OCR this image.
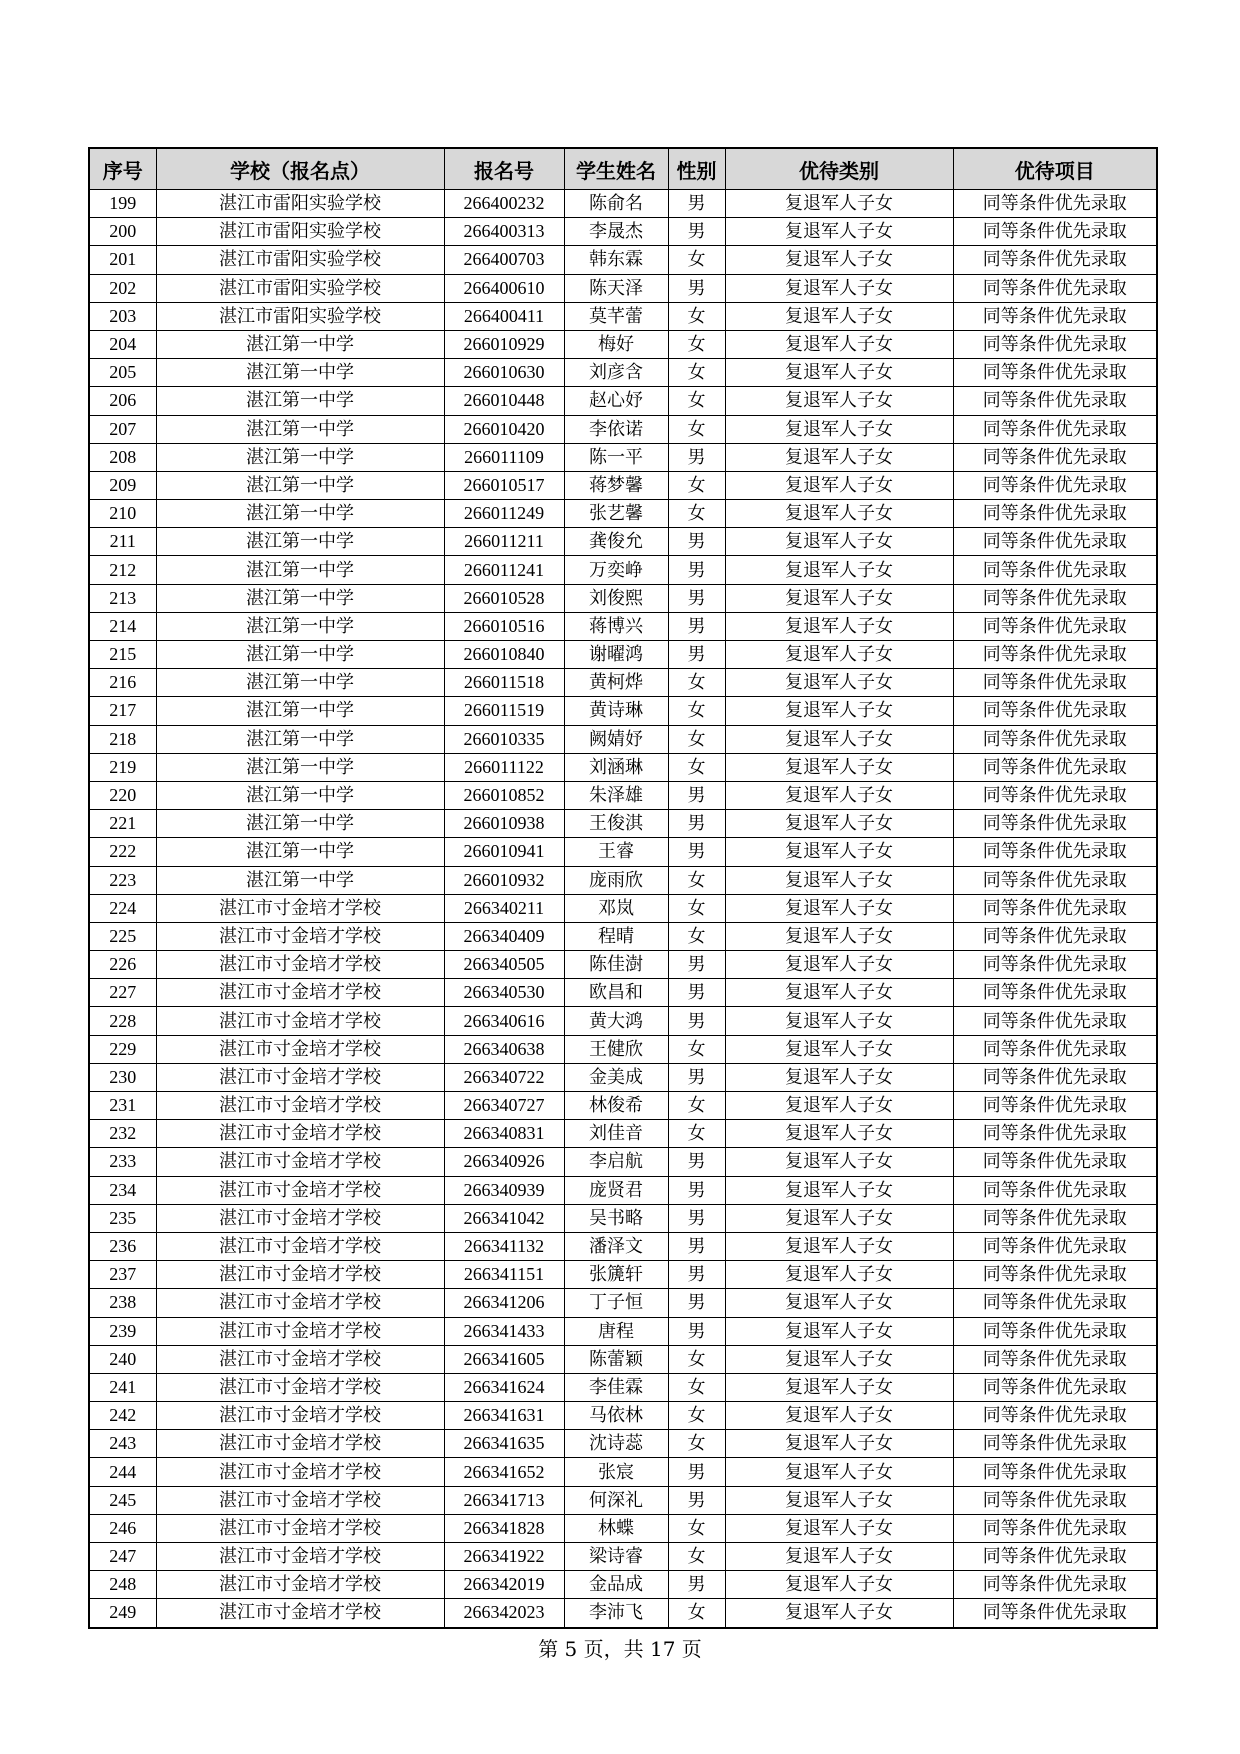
序号	学校（报名点）	报名号	学生姓名	性别	优待类别	优待项目
199	湛江市雷阳实验学校	266400232	陈俞名	男	复退军人子女	同等条件优先录取
200	湛江市雷阳实验学校	266400313	李晟杰	男	复退军人子女	同等条件优先录取
201	湛江市雷阳实验学校	266400703	韩东霖	女	复退军人子女	同等条件优先录取
202	湛江市雷阳实验学校	266400610	陈天泽	男	复退军人子女	同等条件优先录取
203	湛江市雷阳实验学校	266400411	莫芊蕾	女	复退军人子女	同等条件优先录取
204	湛江第一中学	266010929	梅好	女	复退军人子女	同等条件优先录取
205	湛江第一中学	266010630	刘彦含	女	复退军人子女	同等条件优先录取
206	湛江第一中学	266010448	赵心妤	女	复退军人子女	同等条件优先录取
207	湛江第一中学	266010420	李依诺	女	复退军人子女	同等条件优先录取
208	湛江第一中学	266011109	陈一平	男	复退军人子女	同等条件优先录取
209	湛江第一中学	266010517	蒋梦馨	女	复退军人子女	同等条件优先录取
210	湛江第一中学	266011249	张艺馨	女	复退军人子女	同等条件优先录取
211	湛江第一中学	266011211	龚俊允	男	复退军人子女	同等条件优先录取
212	湛江第一中学	266011241	万奕峥	男	复退军人子女	同等条件优先录取
213	湛江第一中学	266010528	刘俊熙	男	复退军人子女	同等条件优先录取
214	湛江第一中学	266010516	蒋博兴	男	复退军人子女	同等条件优先录取
215	湛江第一中学	266010840	谢曜鸿	男	复退军人子女	同等条件优先录取
216	湛江第一中学	266011518	黄柯烨	女	复退军人子女	同等条件优先录取
217	湛江第一中学	266011519	黄诗琳	女	复退军人子女	同等条件优先录取
218	湛江第一中学	266010335	阙婧妤	女	复退军人子女	同等条件优先录取
219	湛江第一中学	266011122	刘涵琳	女	复退军人子女	同等条件优先录取
220	湛江第一中学	266010852	朱泽雄	男	复退军人子女	同等条件优先录取
221	湛江第一中学	266010938	王俊淇	男	复退军人子女	同等条件优先录取
222	湛江第一中学	266010941	王睿	男	复退军人子女	同等条件优先录取
223	湛江第一中学	266010932	庞雨欣	女	复退军人子女	同等条件优先录取
224	湛江市寸金培才学校	266340211	邓岚	女	复退军人子女	同等条件优先录取
225	湛江市寸金培才学校	266340409	程晴	女	复退军人子女	同等条件优先录取
226	湛江市寸金培才学校	266340505	陈佳澍	男	复退军人子女	同等条件优先录取
227	湛江市寸金培才学校	266340530	欧昌和	男	复退军人子女	同等条件优先录取
228	湛江市寸金培才学校	266340616	黄大鸿	男	复退军人子女	同等条件优先录取
229	湛江市寸金培才学校	266340638	王健欣	女	复退军人子女	同等条件优先录取
230	湛江市寸金培才学校	266340722	金美成	男	复退军人子女	同等条件优先录取
231	湛江市寸金培才学校	266340727	林俊希	女	复退军人子女	同等条件优先录取
232	湛江市寸金培才学校	266340831	刘佳音	女	复退军人子女	同等条件优先录取
233	湛江市寸金培才学校	266340926	李启航	男	复退军人子女	同等条件优先录取
234	湛江市寸金培才学校	266340939	庞贤君	男	复退军人子女	同等条件优先录取
235	湛江市寸金培才学校	266341042	吴书略	男	复退军人子女	同等条件优先录取
236	湛江市寸金培才学校	266341132	潘泽文	男	复退军人子女	同等条件优先录取
237	湛江市寸金培才学校	266341151	张篪轩	男	复退军人子女	同等条件优先录取
238	湛江市寸金培才学校	266341206	丁子恒	男	复退军人子女	同等条件优先录取
239	湛江市寸金培才学校	266341433	唐程	男	复退军人子女	同等条件优先录取
240	湛江市寸金培才学校	266341605	陈蕾颖	女	复退军人子女	同等条件优先录取
241	湛江市寸金培才学校	266341624	李佳霖	女	复退军人子女	同等条件优先录取
242	湛江市寸金培才学校	266341631	马依林	女	复退军人子女	同等条件优先录取
243	湛江市寸金培才学校	266341635	沈诗蕊	女	复退军人子女	同等条件优先录取
244	湛江市寸金培才学校	266341652	张宸	男	复退军人子女	同等条件优先录取
245	湛江市寸金培才学校	266341713	何深礼	男	复退军人子女	同等条件优先录取
246	湛江市寸金培才学校	266341828	林蝶	女	复退军人子女	同等条件优先录取
247	湛江市寸金培才学校	266341922	梁诗睿	女	复退军人子女	同等条件优先录取
248	湛江市寸金培才学校	266342019	金品成	男	复退军人子女	同等条件优先录取
249	湛江市寸金培才学校	266342023	李沛飞	女	复退军人子女	同等条件优先录取
第 5 页，共 17 页
